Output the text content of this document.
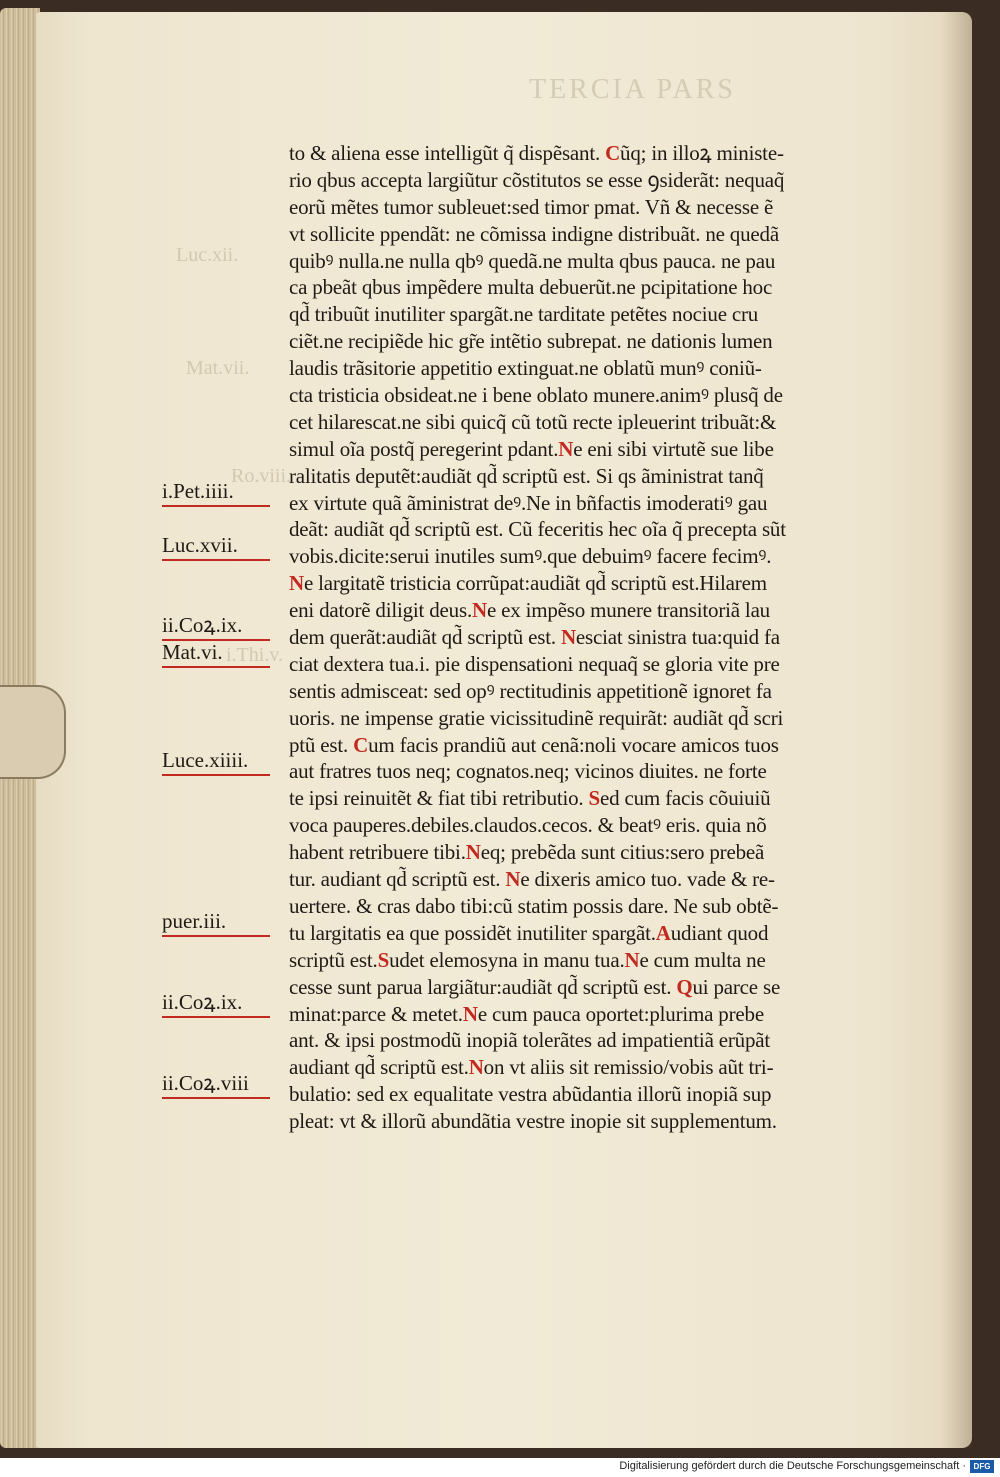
TERCIA PARS
Luc.xii.
Mat.vii.
Ro.viii.
i.Thi.v.
to & aliena esse intelligũt q̃ dispẽsant. Cũq; in illoꝝ ministe-
rio qbus accepta largiũtur cõstitutos se esse ꝯsiderãt: nequaq̃
eorũ mẽtes tumor subleuet:sed timor pmat. Vñ & necesse ẽ
vt sollicite ppendãt: ne cõmissa indigne distribuãt. ne quedã
quibꝰ nulla.ne nulla qbꝰ quedã.ne multa qbus pauca. ne pau
ca pbeãt qbus impẽdere multa debuerũt.ne pcipitatione hoc
qd̃ tribuũt inutiliter spargãt.ne tarditate petẽtes nociue cru
ciẽt.ne recipiẽde hic gr̃e intẽtio subrepat. ne dationis lumen
laudis trãsitorie appetitio extinguat.ne oblatũ munꝰ coniũ-
cta tristicia obsideat.ne i bene oblato munere.animꝰ plusq̃ de
cet hilarescat.ne sibi quicq̃ cũ totũ recte ipleuerint tribuãt:&
simul oĩa postq̃ peregerint pdant.Ne eni sibi virtutẽ sue libe
ralitatis deputẽt:audiãt qd̃ scriptũ est. Si qs ãministrat tanq̃
ex virtute quã ãministrat deꝰ.Ne in bñfactis imoderatiꝰ gau
deãt: audiãt qd̃ scriptũ est. Cũ feceritis hec oĩa q̃ precepta sũt
vobis.dicite:serui inutiles sumꝰ.que debuimꝰ facere fecimꝰ.
Ne largitatẽ tristicia corrũpat:audiãt qd̃ scriptũ est.Hilarem
eni datorẽ diligit deus.Ne ex impẽso munere transitoriã lau
dem querãt:audiãt qd̃ scriptũ est. Nesciat sinistra tua:quid fa
ciat dextera tua.i. pie dispensationi nequaq̃ se gloria vite pre
sentis admisceat: sed opꝰ rectitudinis appetitionẽ ignoret fa
uoris. ne impense gratie vicissitudinẽ requirãt: audiãt qd̃ scri
ptũ est. Cum facis prandiũ aut cenã:noli vocare amicos tuos
aut fratres tuos neq; cognatos.neq; vicinos diuites. ne forte
te ipsi reinuitẽt & fiat tibi retributio. Sed cum facis cõuiuiũ
voca pauperes.debiles.claudos.cecos. & beatꝰ eris. quia nõ
habent retribuere tibi.Neq; prebẽda sunt citius:sero prebeã
tur. audiant qd̃ scriptũ est. Ne dixeris amico tuo. vade & re-
uertere. & cras dabo tibi:cũ statim possis dare. Ne sub obtẽ-
tu largitatis ea que possidẽt inutiliter spargãt.Audiant quod
scriptũ est.Sudet elemosyna in manu tua.Ne cum multa ne
cesse sunt parua largiãtur:audiãt qd̃ scriptũ est. Qui parce se
minat:parce & metet.Ne cum pauca oportet:plurima prebe
ant. & ipsi postmodũ inopiã tolerãtes ad impatientiã erũpãt
audiant qd̃ scriptũ est.Non vt aliis sit remissio/vobis aũt tri-
bulatio: sed ex equalitate vestra abũdantia illorũ inopiã sup
pleat: vt & illorũ abundãtia vestre inopie sit supplementum.
i.Pet.iiii.
Luc.xvii.
ii.Coꝝ.ix.
Mat.vi.
Luce.xiiii.
puer.iii.
ii.Coꝝ.ix.
ii.Coꝝ.viii
Digitalisierung gefördert durch die Deutsche Forschungsgemeinschaft · DFG
